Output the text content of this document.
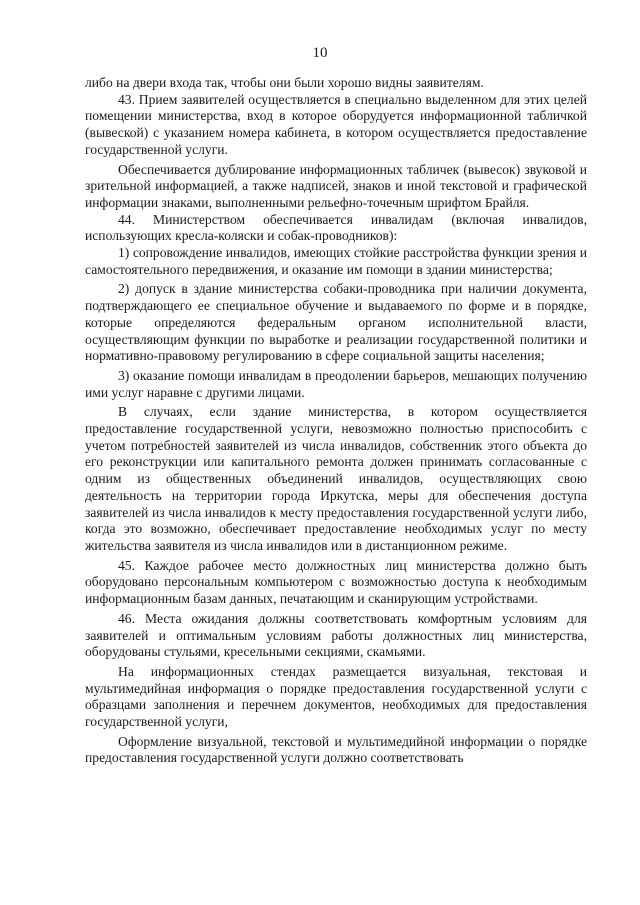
10

либо на двери входа так, чтобы они были хорошо видны заявителям.

43. Прием заявителей осуществляется в специально выделенном для этих целей помещении министерства, вход в которое оборудуется информационной табличкой (вывеской) с указанием номера кабинета, в котором осуществляется предоставление государственной услуги.

Обеспечивается дублирование информационных табличек (вывесок) звуковой и зрительной информацией, а также надписей, знаков и иной текстовой и графической информации знаками, выполненными рельефно-точечным шрифтом Брайля.

44. Министерством обеспечивается инвалидам (включая инвалидов, использующих кресла-коляски и собак-проводников):

1) сопровождение инвалидов, имеющих стойкие расстройства функции зрения и самостоятельного передвижения, и оказание им помощи в здании министерства;

2) допуск в здание министерства собаки-проводника при наличии документа, подтверждающего ее специальное обучение и выдаваемого по форме и в порядке, которые определяются федеральным органом исполнительной власти, осуществляющим функции по выработке и реализации государственной политики и нормативно-правовому регулированию в сфере социальной защиты населения;

3) оказание помощи инвалидам в преодолении барьеров, мешающих получению ими услуг наравне с другими лицами.

В случаях, если здание министерства, в котором осуществляется предоставление государственной услуги, невозможно полностью приспособить с учетом потребностей заявителей из числа инвалидов, собственник этого объекта до его реконструкции или капитального ремонта должен принимать согласованные с одним из общественных объединений инвалидов, осуществляющих свою деятельность на территории города Иркутска, меры для обеспечения доступа заявителей из числа инвалидов к месту предоставления государственной услуги либо, когда это возможно, обеспечивает предоставление необходимых услуг по месту жительства заявителя из числа инвалидов или в дистанционном режиме.

45. Каждое рабочее место должностных лиц министерства должно быть оборудовано персональным компьютером с возможностью доступа к необходимым информационным базам данных, печатающим и сканирующим устройствами.

46. Места ожидания должны соответствовать комфортным условиям для заявителей и оптимальным условиям работы должностных лиц министерства, оборудованы стульями, кресельными секциями, скамьями.

На информационных стендах размещается визуальная, текстовая и мультимедийная информация о порядке предоставления государственной услуги с образцами заполнения и перечнем документов, необходимых для предоставления государственной услуги,

Оформление визуальной, текстовой и мультимедийной информации о порядке предоставления государственной услуги должно соответствовать
